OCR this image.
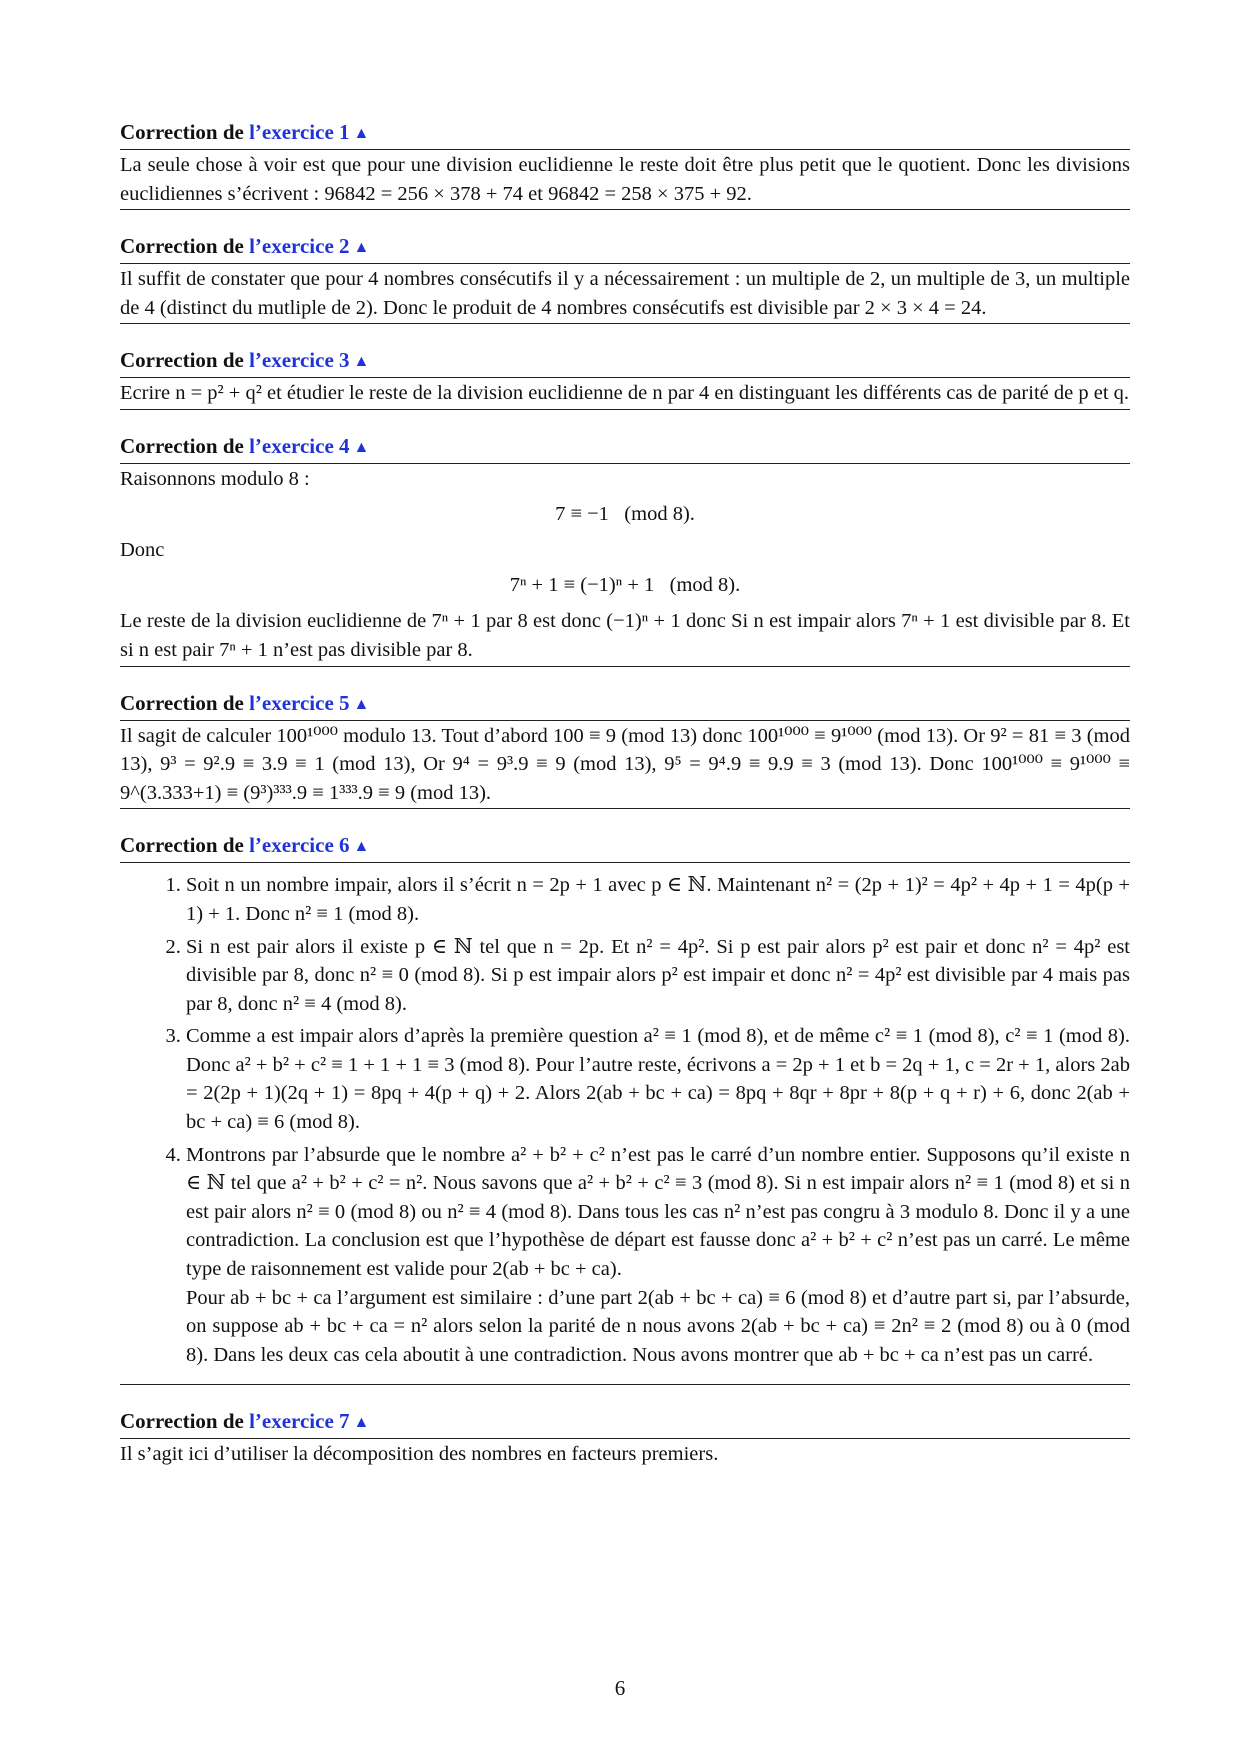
Correction de l’exercice 1 ▲
La seule chose à voir est que pour une division euclidienne le reste doit être plus petit que le quotient. Donc les divisions euclidiennes s’écrivent : 96842 = 256 × 378 + 74 et 96842 = 258 × 375 + 92.
Correction de l’exercice 2 ▲
Il suffit de constater que pour 4 nombres consécutifs il y a nécessairement : un multiple de 2, un multiple de 3, un multiple de 4 (distinct du mutliple de 2). Donc le produit de 4 nombres consécutifs est divisible par 2 × 3 × 4 = 24.
Correction de l’exercice 3 ▲
Ecrire n = p² + q² et étudier le reste de la division euclidienne de n par 4 en distinguant les différents cas de parité de p et q.
Correction de l’exercice 4 ▲
Raisonnons modulo 8 :
7 ≡ −1   (mod 8).
Donc
7ⁿ + 1 ≡ (−1)ⁿ + 1   (mod 8).
Le reste de la division euclidienne de 7ⁿ + 1 par 8 est donc (−1)ⁿ + 1 donc Si n est impair alors 7ⁿ + 1 est divisible par 8. Et si n est pair 7ⁿ + 1 n’est pas divisible par 8.
Correction de l’exercice 5 ▲
Il sagit de calculer 100¹⁰⁰⁰ modulo 13. Tout d’abord 100 ≡ 9 (mod 13) donc 100¹⁰⁰⁰ ≡ 9¹⁰⁰⁰ (mod 13). Or 9² = 81 ≡ 3 (mod 13), 9³ = 9².9 ≡ 3.9 ≡ 1 (mod 13), Or 9⁴ = 9³.9 ≡ 9 (mod 13), 9⁵ = 9⁴.9 ≡ 9.9 ≡ 3 (mod 13). Donc 100¹⁰⁰⁰ ≡ 9¹⁰⁰⁰ ≡ 9^(3.333+1) ≡ (9³)³³³.9 ≡ 1³³³.9 ≡ 9 (mod 13).
Correction de l’exercice 6 ▲

1. Soit n un nombre impair, alors il s’écrit n = 2p + 1 avec p ∈ ℕ. Maintenant n² = (2p + 1)² = 4p² + 4p + 1 = 4p(p + 1) + 1. Donc n² ≡ 1 (mod 8).

2. Si n est pair alors il existe p ∈ ℕ tel que n = 2p. Et n² = 4p². Si p est pair alors p² est pair et donc n² = 4p² est divisible par 8, donc n² ≡ 0 (mod 8). Si p est impair alors p² est impair et donc n² = 4p² est divisible par 4 mais pas par 8, donc n² ≡ 4 (mod 8).

3. Comme a est impair alors d’après la première question a² ≡ 1 (mod 8), et de même c² ≡ 1 (mod 8), c² ≡ 1 (mod 8). Donc a² + b² + c² ≡ 1 + 1 + 1 ≡ 3 (mod 8). Pour l’autre reste, écrivons a = 2p + 1 et b = 2q + 1, c = 2r + 1, alors 2ab = 2(2p + 1)(2q + 1) = 8pq + 4(p + q) + 2. Alors 2(ab + bc + ca) = 8pq + 8qr + 8pr + 8(p + q + r) + 6, donc 2(ab + bc + ca) ≡ 6 (mod 8).

4. Montrons par l’absurde que le nombre a² + b² + c² n’est pas le carré d’un nombre entier. Supposons qu’il existe n ∈ ℕ tel que a² + b² + c² = n². Nous savons que a² + b² + c² ≡ 3 (mod 8). Si n est impair alors n² ≡ 1 (mod 8) et si n est pair alors n² ≡ 0 (mod 8) ou n² ≡ 4 (mod 8). Dans tous les cas n² n’est pas congru à 3 modulo 8. Donc il y a une contradiction. La conclusion est que l’hypothèse de départ est fausse donc a² + b² + c² n’est pas un carré. Le même type de raisonnement est valide pour 2(ab + bc + ca).

Pour ab + bc + ca l’argument est similaire : d’une part 2(ab + bc + ca) ≡ 6 (mod 8) et d’autre part si, par l’absurde, on suppose ab + bc + ca = n² alors selon la parité de n nous avons 2(ab + bc + ca) ≡ 2n² ≡ 2 (mod 8) ou à 0 (mod 8). Dans les deux cas cela aboutit à une contradiction. Nous avons montrer que ab + bc + ca n’est pas un carré.

Correction de l’exercice 7 ▲
Il s’agit ici d’utiliser la décomposition des nombres en facteurs premiers.
6
